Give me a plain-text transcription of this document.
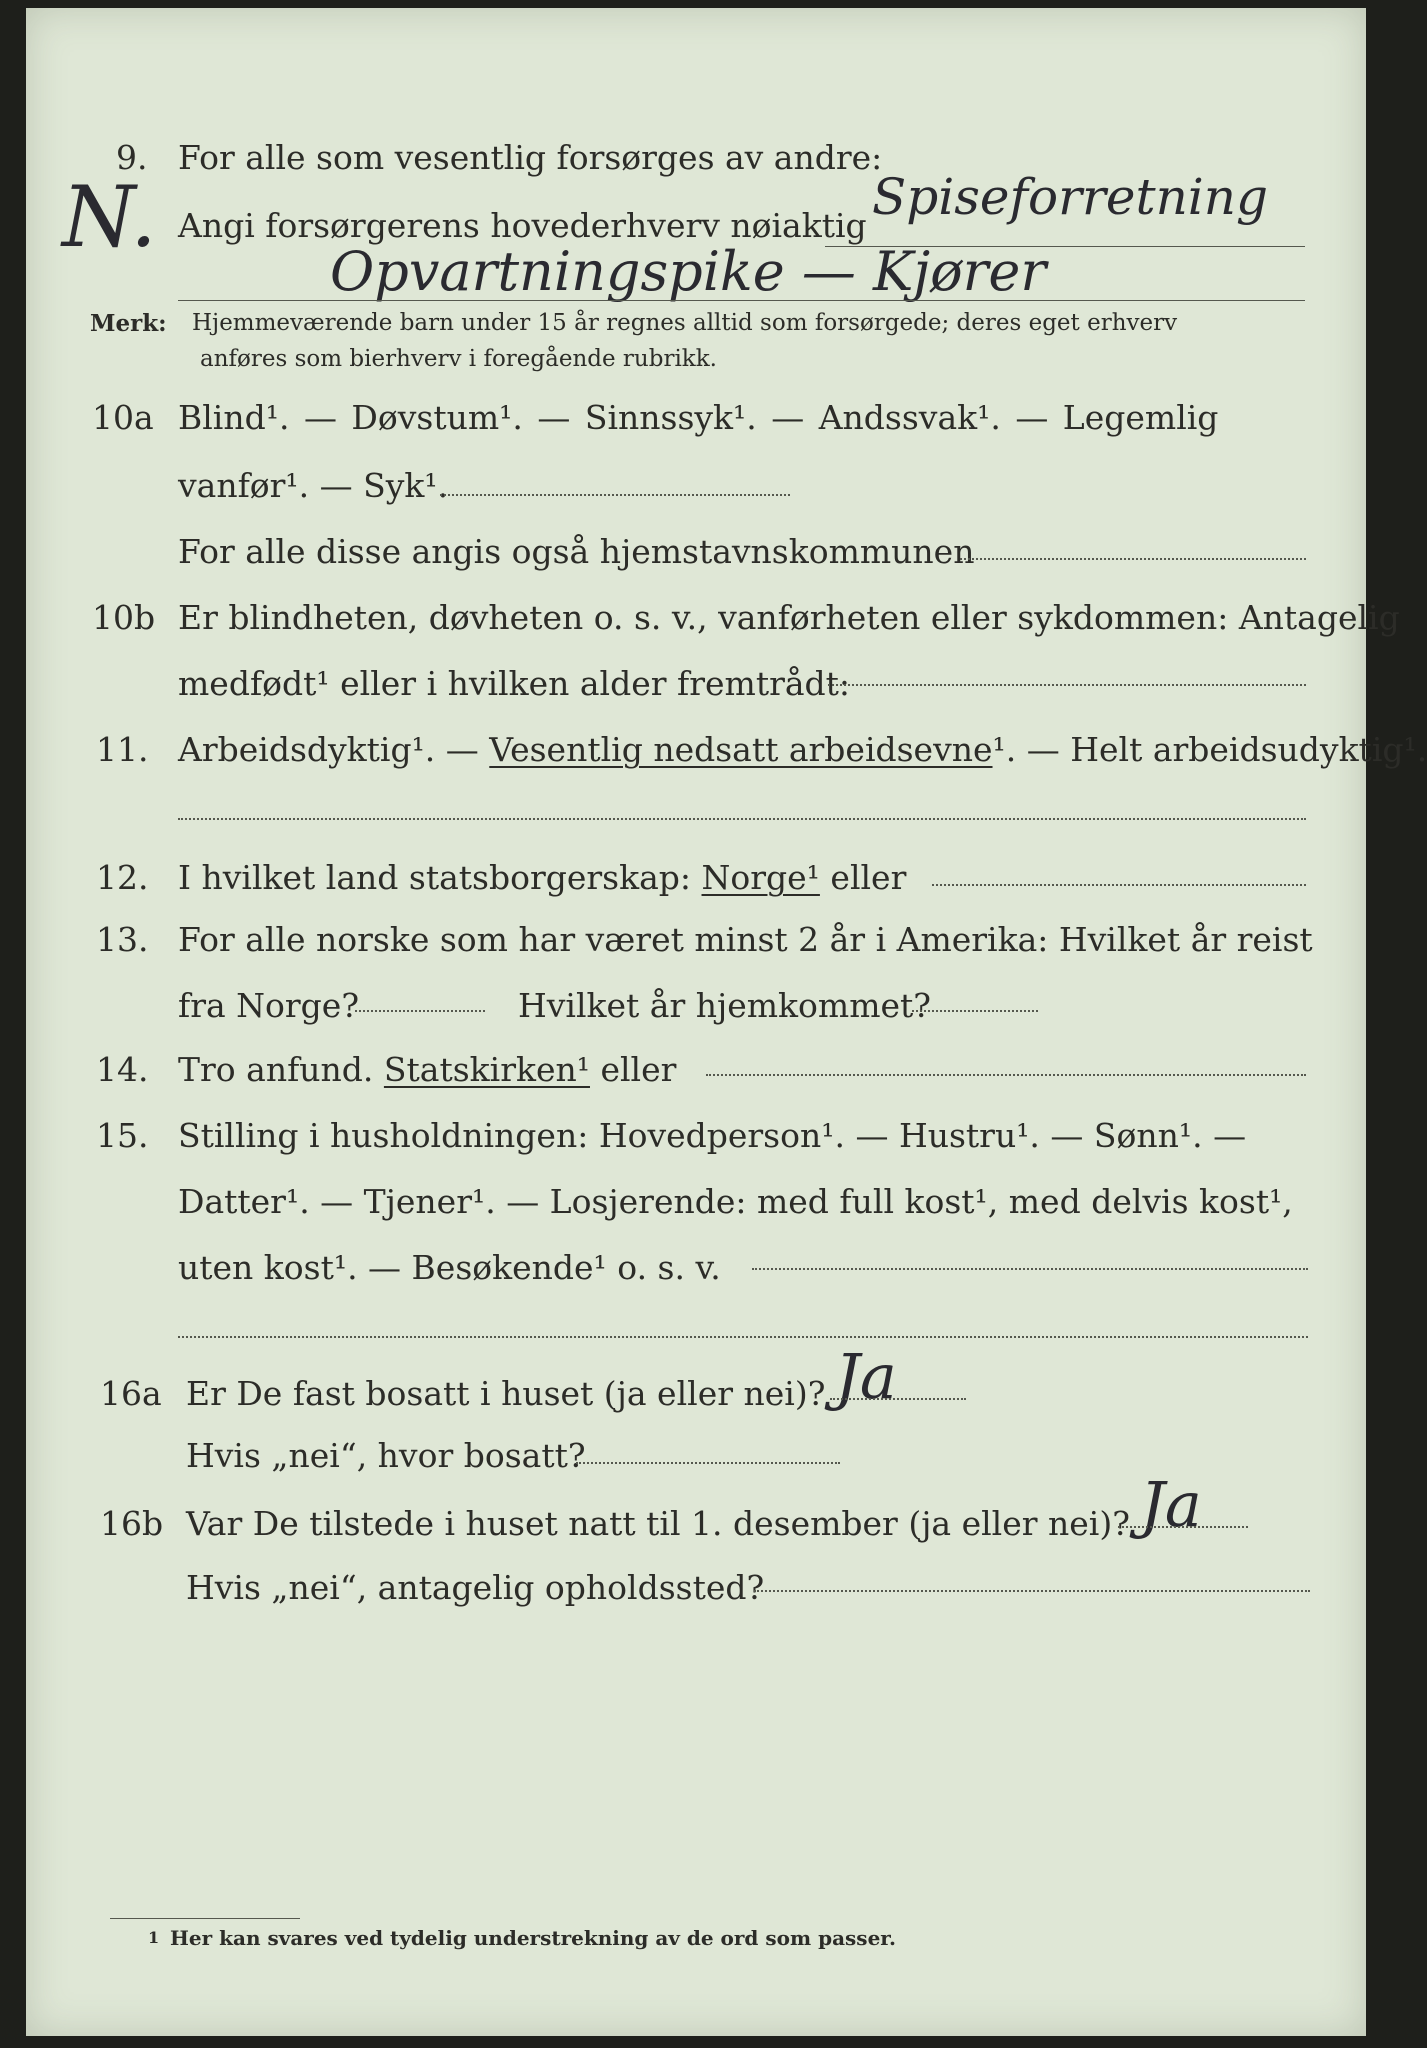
9. For alle som vesentlig forsørges av andre:
N. Angi forsørgerens hovederhverv nøiaktig Spiseforretning
Opvartningspike — Kjører
Merk: Hjemmeværende barn under 15 år regnes alltid som forsørgede; deres eget erhverv
anføres som bierhverv i foregående rubrikk.
10a Blind¹. — Døvstum¹. — Sinnssyk¹. — Andssvak¹. — Legemlig
vanfør¹. — Syk¹.
For alle disse angis også hjemstavnskommunen
10b Er blindheten, døvheten o. s. v., vanførheten eller sykdommen: Antagelig
medfødt¹ eller i hvilken alder fremtrådt:
11. Arbeidsdyktig¹. — Vesentlig nedsatt arbeidsevne¹. — Helt arbeidsudyktig¹.
12. I hvilket land statsborgerskap: Norge¹ eller
13. For alle norske som har været minst 2 år i Amerika: Hvilket år reist
fra Norge?	Hvilket år hjemkommet?
14. Tro anfund. Statskirken¹ eller
15. Stilling i husholdningen: Hovedperson¹. — Hustru¹. — Sønn¹. —
Datter¹. — Tjener¹. — Losjerende: med full kost¹, med delvis kost¹,
uten kost¹. — Besøkende¹ o. s. v.
16a Er De fast bosatt i huset (ja eller nei)? Ja
Hvis „nei“, hvor bosatt?
16b Var De tilstede i huset natt til 1. desember (ja eller nei)? Ja
Hvis „nei“, antagelig opholdssted?
1 Her kan svares ved tydelig understrekning av de ord som passer.
